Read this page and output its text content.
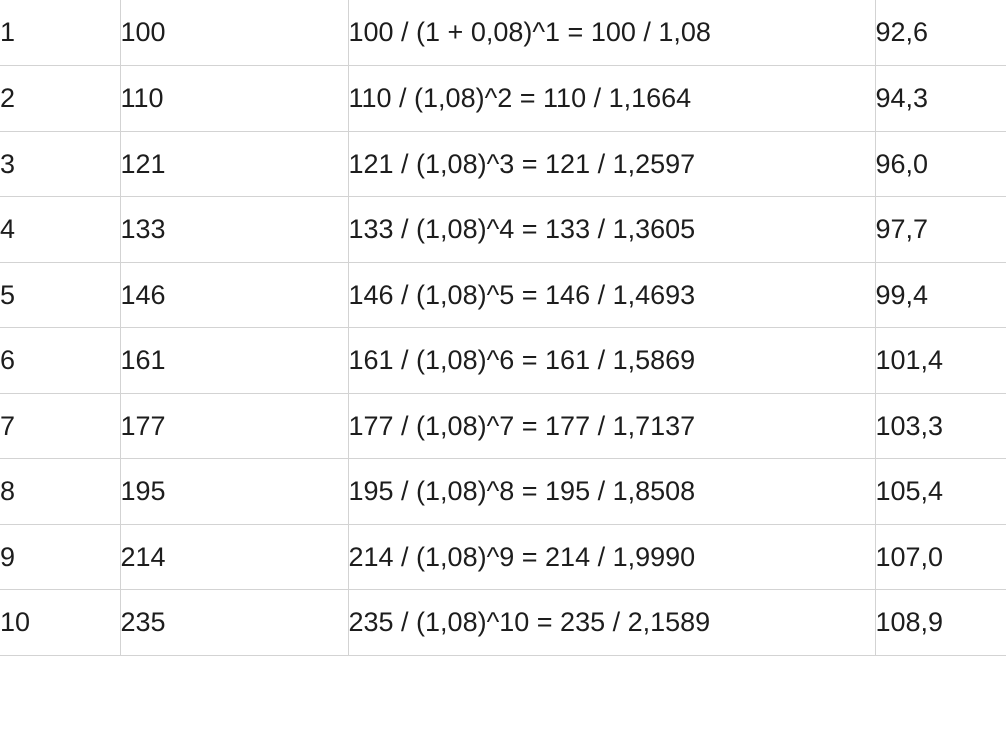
1	100	100 / (1 + 0,08)^1 = 100 / 1,08	92,6
2	110	110 / (1,08)^2 = 110 / 1,1664	94,3
3	121	121 / (1,08)^3 = 121 / 1,2597	96,0
4	133	133 / (1,08)^4 = 133 / 1,3605	97,7
5	146	146 / (1,08)^5 = 146 / 1,4693	99,4
6	161	161 / (1,08)^6 = 161 / 1,5869	101,4
7	177	177 / (1,08)^7 = 177 / 1,7137	103,3
8	195	195 / (1,08)^8 = 195 / 1,8508	105,4
9	214	214 / (1,08)^9 = 214 / 1,9990	107,0
10	235	235 / (1,08)^10 = 235 / 2,1589	108,9
